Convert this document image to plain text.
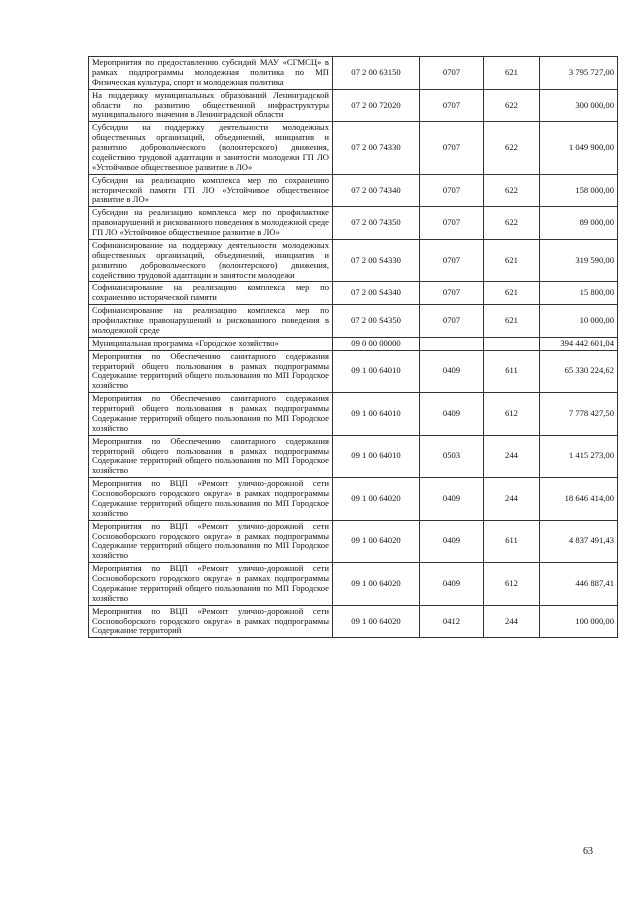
Мероприятия по предоставлению субсидий МАУ «СГМСЦ» в рамках подпрограммы молодежная политика по МП Физическая культура, спорт и молодежная политика	07 2 00 63150	0707	621	3 795 727,00
На поддержку муниципальных образований Ленинградской области по развитию общественной инфраструктуры муниципального значения в Ленинградской области	07 2 00 72020	0707	622	300 000,00
Субсидии на поддержку деятельности молодежных общественных организаций, объединений, инициатив и развитию добровольческого (волонтерского) движения, содействию трудовой адаптации и занятости молодежи ГП ЛО «Устойчивое общественное развитие в ЛО»	07 2 00 74330	0707	622	1 049 900,00
Субсидии на реализацию комплекса мер по сохранению исторической памяти ГП ЛО «Устойчивое общественное развитие в ЛО»	07 2 00 74340	0707	622	158 000,00
Субсидии на реализацию комплекса мер по профилактике правонарушений и рискованного поведения в молодежной среде ГП ЛО «Устойчивое общественное развитие в ЛО»	07 2 00 74350	0707	622	89 000,00
Софинансирование на поддержку деятельности молодежных общественных организаций, объединений, инициатив и развитию добровольческого (волонтерского) движения, содействию трудовой адаптации и занятости молодежи	07 2 00 S4330	0707	621	319 590,00
Софинансирование на реализацию комплекса мер по сохранению исторической памяти	07 2 00 S4340	0707	621	15 800,00
Софинансирование на реализацию комплекса мер по профилактике правонарушений и рискованного поведения в молодежной среде	07 2 00 S4350	0707	621	10 000,00
Муниципальная программа «Городское хозяйство»	09 0 00 00000			394 442 601,04
Мероприятия по Обеспечению санитарного содержания территорий общего пользования в рамках подпрограммы Содержание территорий общего пользования по МП Городское хозяйство	09 1 00 64010	0409	611	65 330 224,62
Мероприятия по Обеспечению санитарного содержания территорий общего пользования в рамках подпрограммы Содержание территорий общего пользования по МП Городское хозяйство	09 1 00 64010	0409	612	7 778 427,50
Мероприятия по Обеспечению санитарного содержания территорий общего пользования в рамках подпрограммы Содержание территорий общего пользования по МП Городское хозяйство	09 1 00 64010	0503	244	1 415 273,00
Мероприятия по ВЦП «Ремонт улично-дорожной сети Сосновоборского городского округа» в рамках подпрограммы Содержание территорий общего пользования по МП Городское хозяйство	09 1 00 64020	0409	244	18 646 414,00
Мероприятия по ВЦП «Ремонт улично-дорожной сети Сосновоборского городского округа» в рамках подпрограммы Содержание территорий общего пользования по МП Городское хозяйство	09 1 00 64020	0409	611	4 837 491,43
Мероприятия по ВЦП «Ремонт улично-дорожной сети Сосновоборского городского округа» в рамках подпрограммы Содержание территорий общего пользования по МП Городское хозяйство	09 1 00 64020	0409	612	446 887,41
Мероприятия по ВЦП «Ремонт улично-дорожной сети Сосновоборского городского округа» в рамках подпрограммы Содержание территорий	09 1 00 64020	0412	244	100 000,00
63
